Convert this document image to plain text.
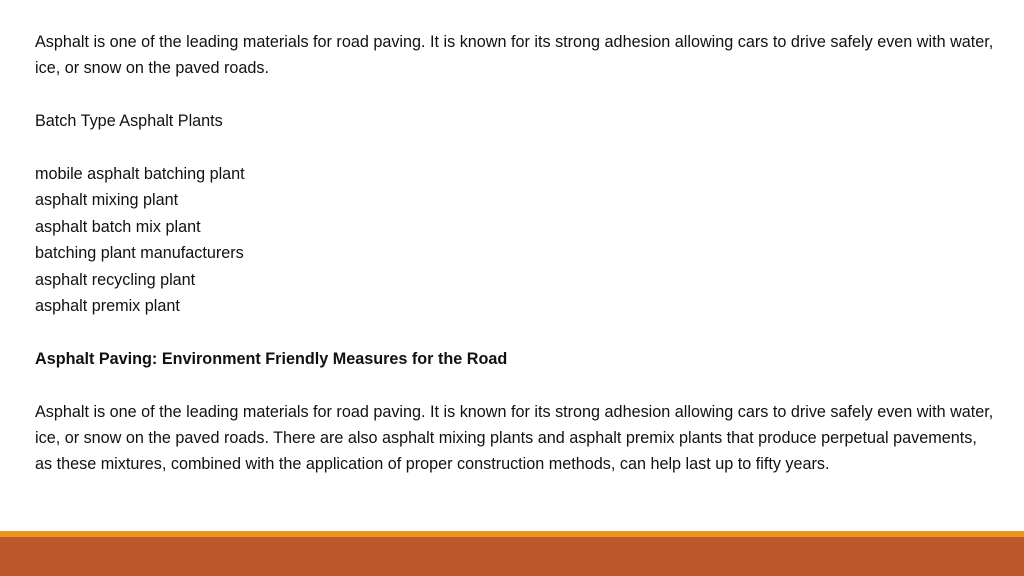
Asphalt is one of the leading materials for road paving. It is known for its strong adhesion allowing cars to drive safely even with water, ice, or snow on the paved roads.

Batch Type Asphalt Plants

mobile asphalt batching plant
asphalt mixing plant
asphalt batch mix plant
batching plant manufacturers
asphalt recycling plant
asphalt premix plant
Asphalt Paving: Environment Friendly Measures for the Road

Asphalt is one of the leading materials for road paving. It is known for its strong adhesion allowing cars to drive safely even with water, ice, or snow on the paved roads. There are also asphalt mixing plants and asphalt premix plants that produce perpetual pavements, as these mixtures, combined with the application of proper construction methods, can help last up to fifty years.
